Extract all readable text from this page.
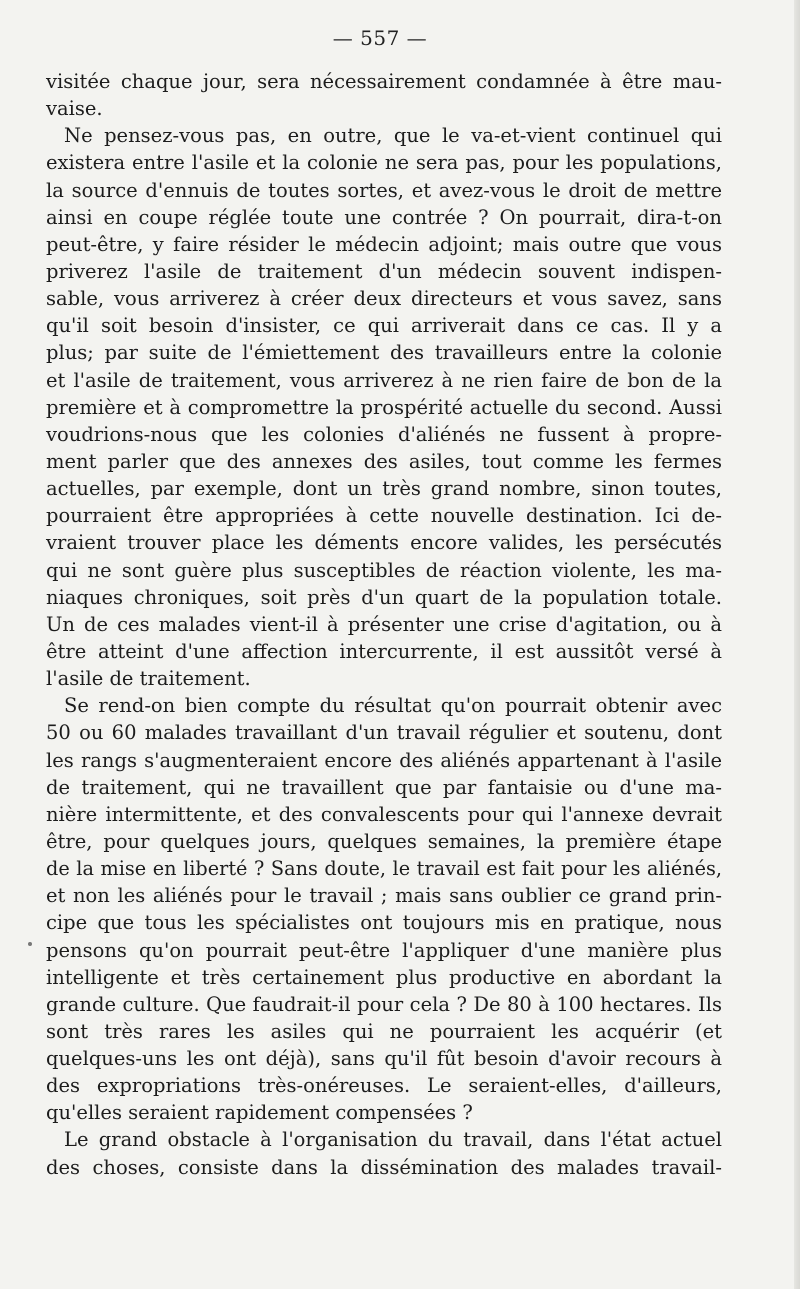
— 557 —
visitée chaque jour, sera nécessairement condamnée à être mau-
vaise.
Ne pensez-vous pas, en outre, que le va-et-vient continuel qui
existera entre l'asile et la colonie ne sera pas, pour les populations,
la source d'ennuis de toutes sortes, et avez-vous le droit de mettre
ainsi en coupe réglée toute une contrée ? On pourrait, dira-t-on
peut-être, y faire résider le médecin adjoint; mais outre que vous
priverez l'asile de traitement d'un médecin souvent indispen-
sable, vous arriverez à créer deux directeurs et vous savez, sans
qu'il soit besoin d'insister, ce qui arriverait dans ce cas. Il y a
plus; par suite de l'émiettement des travailleurs entre la colonie
et l'asile de traitement, vous arriverez à ne rien faire de bon de la
première et à compromettre la prospérité actuelle du second. Aussi
voudrions-nous que les colonies d'aliénés ne fussent à propre-
ment parler que des annexes des asiles, tout comme les fermes
actuelles, par exemple, dont un très grand nombre, sinon toutes,
pourraient être appropriées à cette nouvelle destination. Ici de-
vraient trouver place les déments encore valides, les persécutés
qui ne sont guère plus susceptibles de réaction violente, les ma-
niaques chroniques, soit près d'un quart de la population totale.
Un de ces malades vient-il à présenter une crise d'agitation, ou à
être atteint d'une affection intercurrente, il est aussitôt versé à
l'asile de traitement.
Se rend-on bien compte du résultat qu'on pourrait obtenir avec
50 ou 60 malades travaillant d'un travail régulier et soutenu, dont
les rangs s'augmenteraient encore des aliénés appartenant à l'asile
de traitement, qui ne travaillent que par fantaisie ou d'une ma-
nière intermittente, et des convalescents pour qui l'annexe devrait
être, pour quelques jours, quelques semaines, la première étape
de la mise en liberté ? Sans doute, le travail est fait pour les aliénés,
et non les aliénés pour le travail ; mais sans oublier ce grand prin-
cipe que tous les spécialistes ont toujours mis en pratique, nous
pensons qu'on pourrait peut-être l'appliquer d'une manière plus
intelligente et très certainement plus productive en abordant la
grande culture. Que faudrait-il pour cela ? De 80 à 100 hectares. Ils
sont très rares les asiles qui ne pourraient les acquérir (et
quelques-uns les ont déjà), sans qu'il fût besoin d'avoir recours à
des expropriations très-onéreuses. Le seraient-elles, d'ailleurs,
qu'elles seraient rapidement compensées ?
Le grand obstacle à l'organisation du travail, dans l'état actuel
des choses, consiste dans la dissémination des malades travail-
